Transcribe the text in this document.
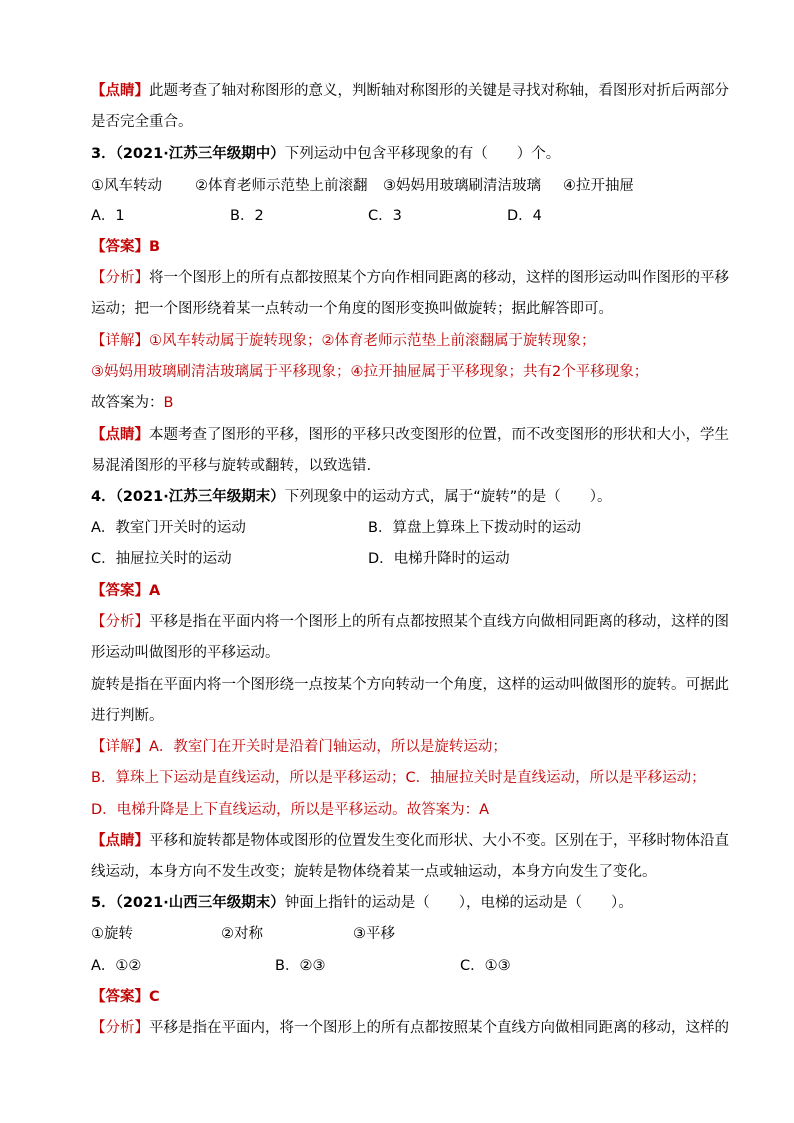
【点睛】此题考查了轴对称图形的意义，判断轴对称图形的关键是寻找对称轴，看图形对折后两部分
是否完全重合。
3．（2021·江苏三年级期中）下列运动中包含平移现象的有（　　）个。
①风车转动 ②体育老师示范垫上前滚翻 ③妈妈用玻璃刷清洁玻璃 ④拉开抽屉
A．1	B．2	C．3	D．4
【答案】B
【分析】将一个图形上的所有点都按照某个方向作相同距离的移动，这样的图形运动叫作图形的平移
运动；把一个图形绕着某一点转动一个角度的图形变换叫做旋转；据此解答即可。
【详解】①风车转动属于旋转现象；②体育老师示范垫上前滚翻属于旋转现象；
③妈妈用玻璃刷清洁玻璃属于平移现象；④拉开抽屉属于平移现象；共有2个平移现象；
故答案为：B
【点睛】本题考查了图形的平移，图形的平移只改变图形的位置，而不改变图形的形状和大小，学生
易混淆图形的平移与旋转或翻转，以致选错.
4．（2021·江苏三年级期末）下列现象中的运动方式，属于“旋转”的是（　　）。
A．教室门开关时的运动	B．算盘上算珠上下拨动时的运动
C．抽屉拉关时的运动	D．电梯升降时的运动
【答案】A
【分析】平移是指在平面内将一个图形上的所有点都按照某个直线方向做相同距离的移动，这样的图
形运动叫做图形的平移运动。
旋转是指在平面内将一个图形绕一点按某个方向转动一个角度，这样的运动叫做图形的旋转。可据此
进行判断。
【详解】A．教室门在开关时是沿着门轴运动，所以是旋转运动；
B．算珠上下运动是直线运动，所以是平移运动；C．抽屉拉关时是直线运动，所以是平移运动；
D．电梯升降是上下直线运动，所以是平移运动。故答案为：A
【点睛】平移和旋转都是物体或图形的位置发生变化而形状、大小不变。区别在于，平移时物体沿直
线运动，本身方向不发生改变；旋转是物体绕着某一点或轴运动，本身方向发生了变化。
5．（2021·山西三年级期末）钟面上指针的运动是（　　），电梯的运动是（　　）。
①旋转	②对称	③平移
A．①②	B．②③	C．①③
【答案】C
【分析】平移是指在平面内，将一个图形上的所有点都按照某个直线方向做相同距离的移动，这样的
